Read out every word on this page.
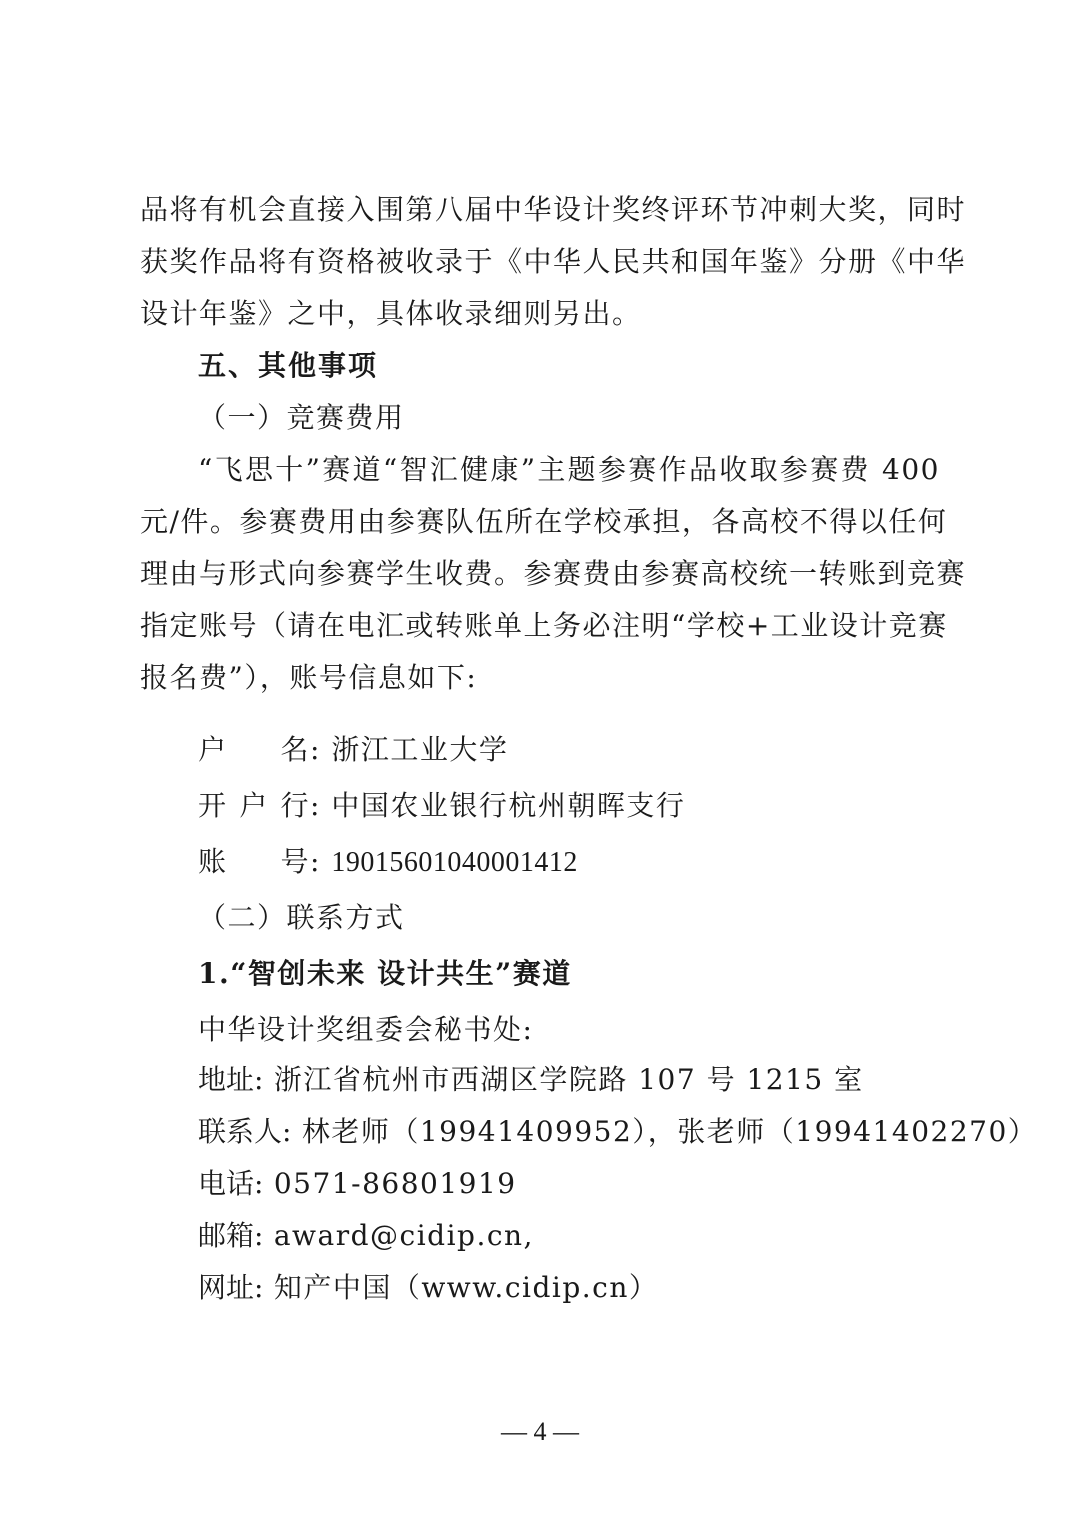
品将有机会直接入围第八届中华设计奖终评环节冲刺大奖，同时
获奖作品将有资格被收录于《中华人民共和国年鉴》分册《中华
设计年鉴》之中，具体收录细则另出。
五、其他事项
（一）竞赛费用
“飞思十”赛道“智汇健康”主题参赛作品收取参赛费 400
元/件。参赛费用由参赛队伍所在学校承担，各高校不得以任何
理由与形式向参赛学生收费。参赛费由参赛高校统一转账到竞赛
指定账号（请在电汇或转账单上务必注明“学校+工业设计竞赛
报名费”），账号信息如下:
户 名: 浙江工业大学
开户行: 中国农业银行杭州朝晖支行
账 号: 19015601040001412
（二）联系方式
1.“智创未来 设计共生”赛道
中华设计奖组委会秘书处:
地址: 浙江省杭州市西湖区学院路 107 号 1215 室
联系人: 林老师（19941409952），张老师（19941402270）
电话: 0571-86801919
邮箱: award@cidip.cn,
网址: 知产中国（www.cidip.cn）
— 4 —
